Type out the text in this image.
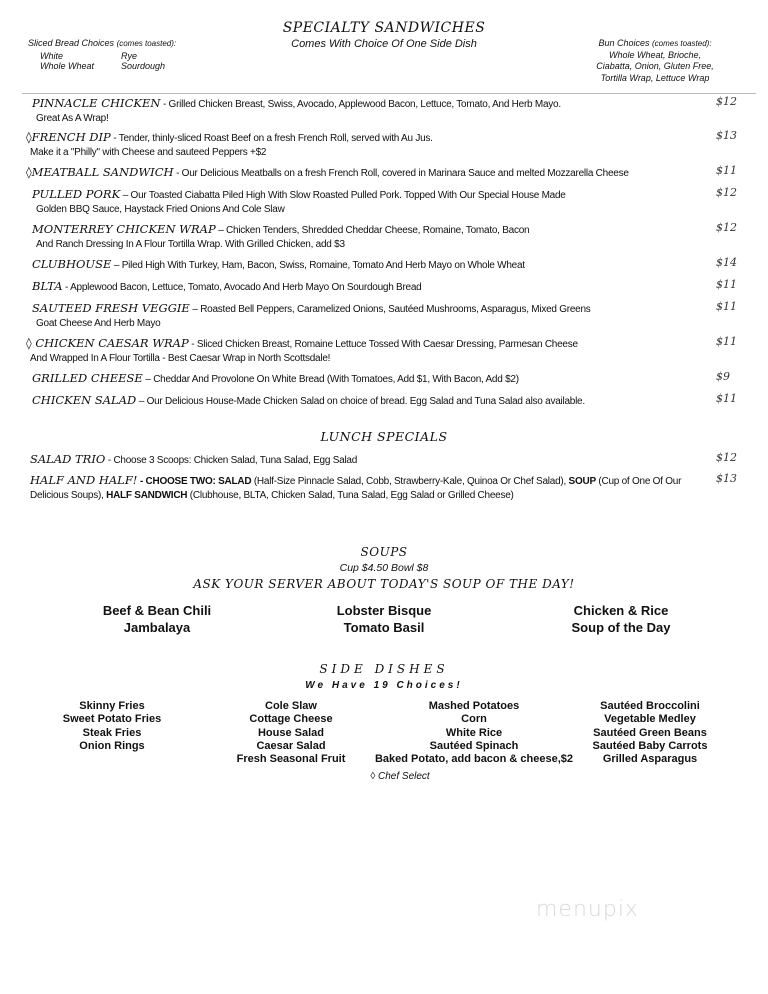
SPECIALTY SANDWICHES
Comes With Choice Of One Side Dish
Sliced Bread Choices (comes toasted):
White	Rye
Whole Wheat	Sourdough
Bun Choices (comes toasted):
Whole Wheat, Brioche,
Ciabatta, Onion, Gluten Free,
Tortilla Wrap, Lettuce Wrap
PINNACLE CHICKEN - Grilled Chicken Breast, Swiss, Avocado, Applewood Bacon, Lettuce, Tomato, And Herb Mayo.
Great As A Wrap!
$12
◊FRENCH DIP - Tender, thinly-sliced Roast Beef on a fresh French Roll, served with Au Jus.
Make it a "Philly" with Cheese and sauteed Peppers +$2
$13
◊MEATBALL SANDWICH - Our Delicious Meatballs on a fresh French Roll, covered in Marinara Sauce and melted Mozzarella Cheese	$11
PULLED PORK – Our Toasted Ciabatta Piled High With Slow Roasted Pulled Pork. Topped With Our Special House Made
Golden BBQ Sauce, Haystack Fried Onions And Cole Slaw
$12
MONTERREY CHICKEN WRAP – Chicken Tenders, Shredded Cheddar Cheese, Romaine, Tomato, Bacon
And Ranch Dressing In A Flour Tortilla Wrap. With Grilled Chicken, add $3
$12
CLUBHOUSE – Piled High With Turkey, Ham, Bacon, Swiss, Romaine, Tomato And Herb Mayo on Whole Wheat	$14
BLTA - Applewood Bacon, Lettuce, Tomato, Avocado And Herb Mayo On Sourdough Bread	$11
SAUTEED FRESH VEGGIE – Roasted Bell Peppers, Caramelized Onions, Sautéed Mushrooms, Asparagus, Mixed Greens
Goat Cheese And Herb Mayo
$11
◊ CHICKEN CAESAR WRAP - Sliced Chicken Breast, Romaine Lettuce Tossed With Caesar Dressing, Parmesan Cheese
And Wrapped In A Flour Tortilla - Best Caesar Wrap in North Scottsdale!
$11
GRILLED CHEESE – Cheddar And Provolone On White Bread (With Tomatoes, Add $1, With Bacon, Add $2)	$9
CHICKEN SALAD – Our Delicious House-Made Chicken Salad on choice of bread. Egg Salad and Tuna Salad also available.	$11
LUNCH SPECIALS
SALAD TRIO - Choose 3 Scoops: Chicken Salad, Tuna Salad, Egg Salad	$12
HALF AND HALF! - CHOOSE TWO: SALAD (Half-Size Pinnacle Salad, Cobb, Strawberry-Kale, Quinoa Or Chef Salad), SOUP (Cup of One Of Our Delicious Soups), HALF SANDWICH (Clubhouse, BLTA, Chicken Salad, Tuna Salad, Egg Salad or Grilled Cheese)
$13
SOUPS
Cup $4.50 Bowl $8
ASK YOUR SERVER ABOUT TODAY'S SOUP OF THE DAY!
Beef & Bean Chili
Jambalaya
Lobster Bisque
Tomato Basil
Chicken & Rice
Soup of the Day
SIDE DISHES
We Have 19 Choices!
Skinny Fries
Sweet Potato Fries
Steak Fries
Onion Rings
Cole Slaw
Cottage Cheese
House Salad
Caesar Salad
Fresh Seasonal Fruit
Mashed Potatoes
Corn
White Rice
Sautéed Spinach
Baked Potato, add bacon & cheese,$2
Sautéed Broccolini
Vegetable Medley
Sautéed Green Beans
Sautéed Baby Carrots
Grilled Asparagus
◊ Chef Select
menupix
